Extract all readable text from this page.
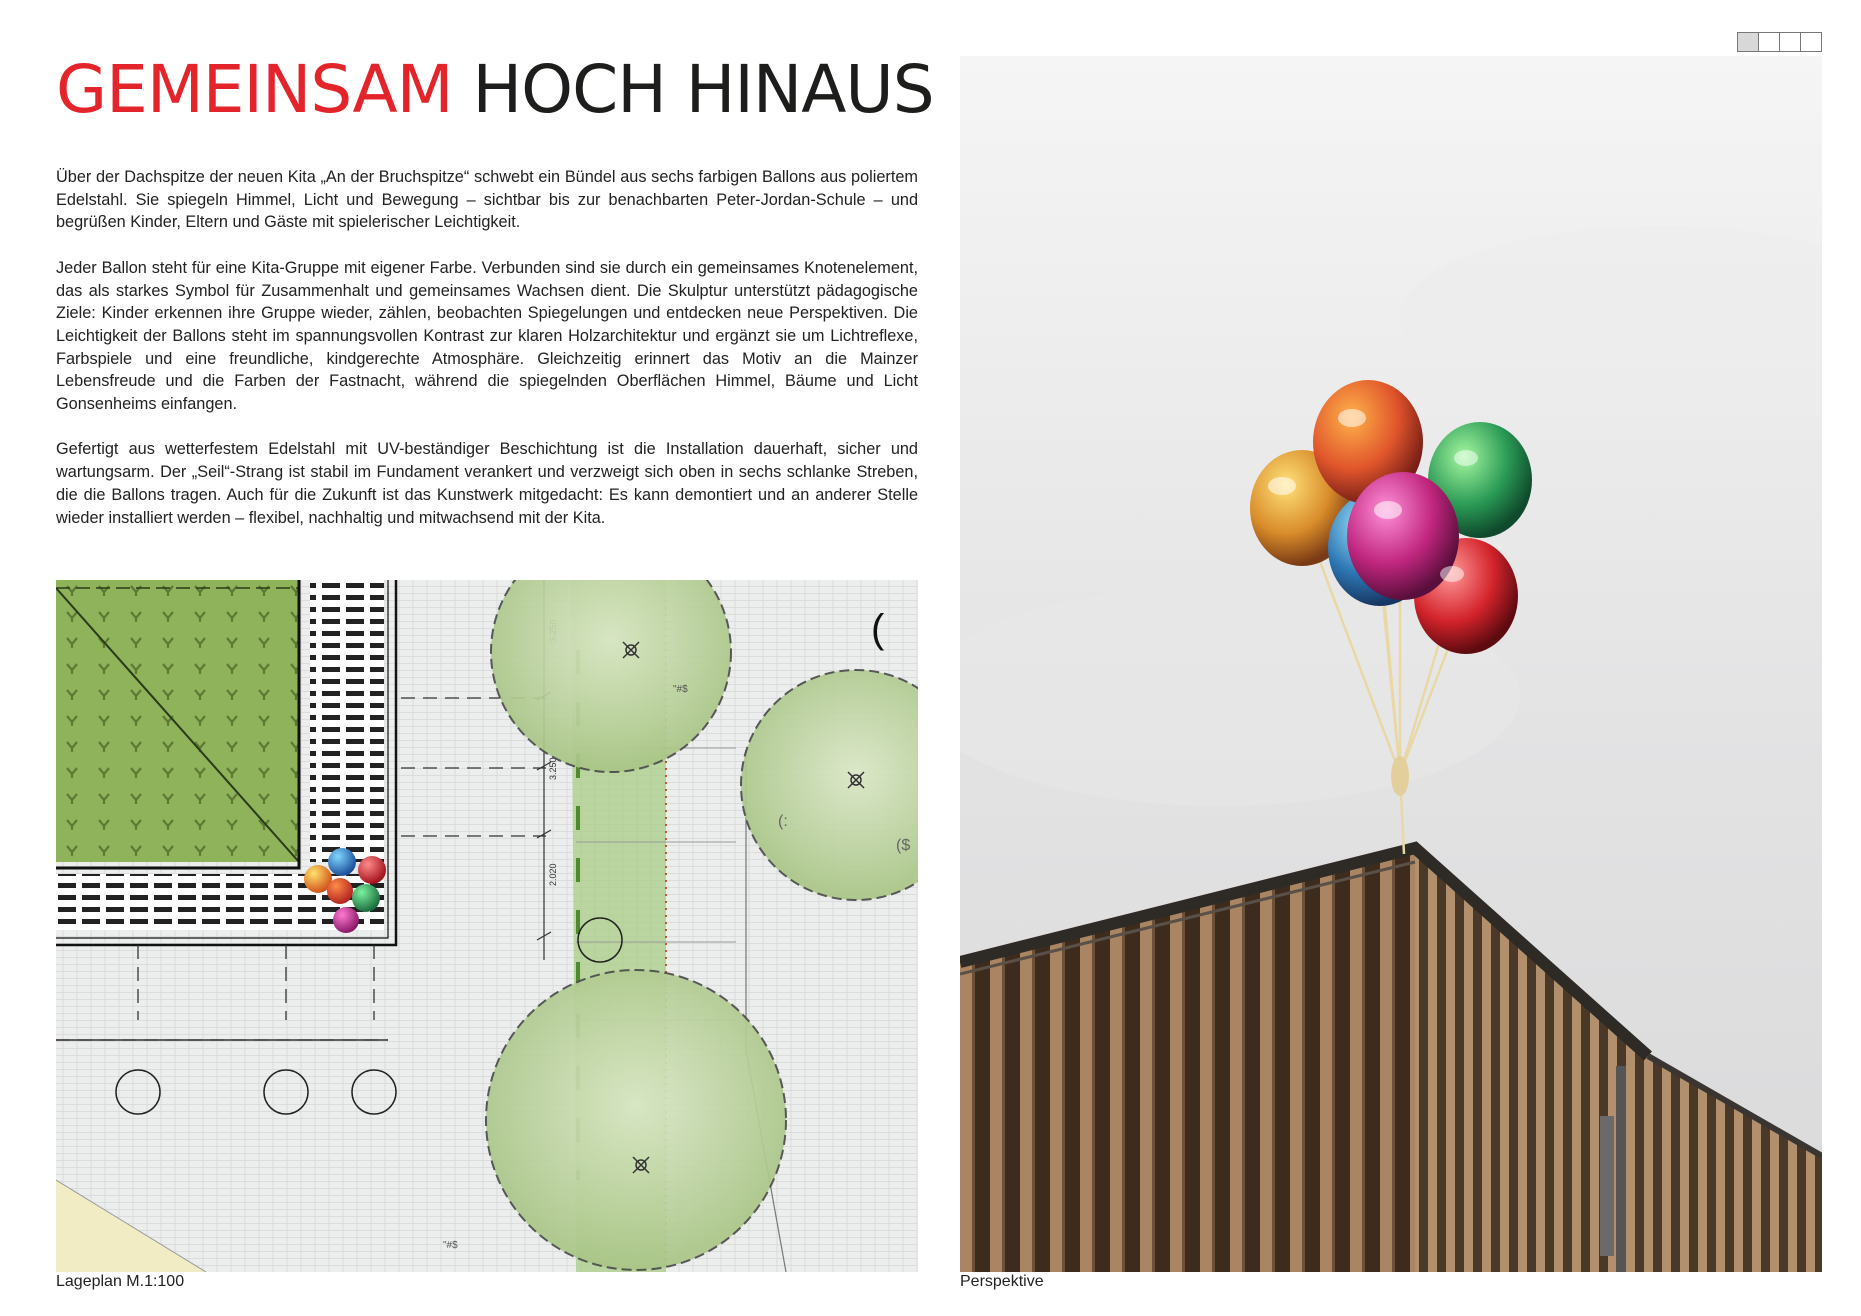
GEMEINSAM HOCH HINAUS

Über der Dachspitze der neuen Kita „An der Bruchspitze“ schwebt ein Bündel aus sechs farbigen Ballons aus poliertem Edelstahl. Sie spiegeln Himmel, Licht und Bewegung – sichtbar bis zur benachbarten Peter-Jordan-Schule – und begrüßen Kinder, Eltern und Gäste mit spielerischer Leichtigkeit.

Jeder Ballon steht für eine Kita-Gruppe mit eigener Farbe. Verbunden sind sie durch ein gemeinsames Knotenelement, das als starkes Symbol für Zusammenhalt und gemeinsames Wachsen dient. Die Skulptur unterstützt pädagogische Ziele: Kinder erkennen ihre Gruppe wieder, zählen, beobachten Spiegelungen und entdecken neue Perspektiven. Die Leichtigkeit der Ballons steht im spannungsvollen Kontrast zur klaren Holzarchitektur und ergänzt sie um Lichtreflexe, Farbspiele und eine freundliche, kindgerechte Atmosphäre. Gleichzeitig erinnert das Motiv an die Mainzer Lebensfreude und die Farben der Fastnacht, während die spiegelnden Oberflächen Himmel, Bäume und Licht Gonsenheims einfangen.

Gefertigt aus wetterfestem Edelstahl mit UV-beständiger Beschichtung ist die Installation dauerhaft, sicher und wartungsarm. Der „Seil“-Strang ist stabil im Fundament verankert und verzweigt sich oben in sechs schlanke Streben, die die Ballons tragen. Auch für die Zukunft ist das Kunstwerk mitgedacht: Es kann demontiert und an anderer Stelle wieder installiert werden – flexibel, nachhaltig und mitwachsend mit der Kita.

3.250
2.020
(
"#$
(:
($
"#$
Lageplan M.1:100	Perspektive
